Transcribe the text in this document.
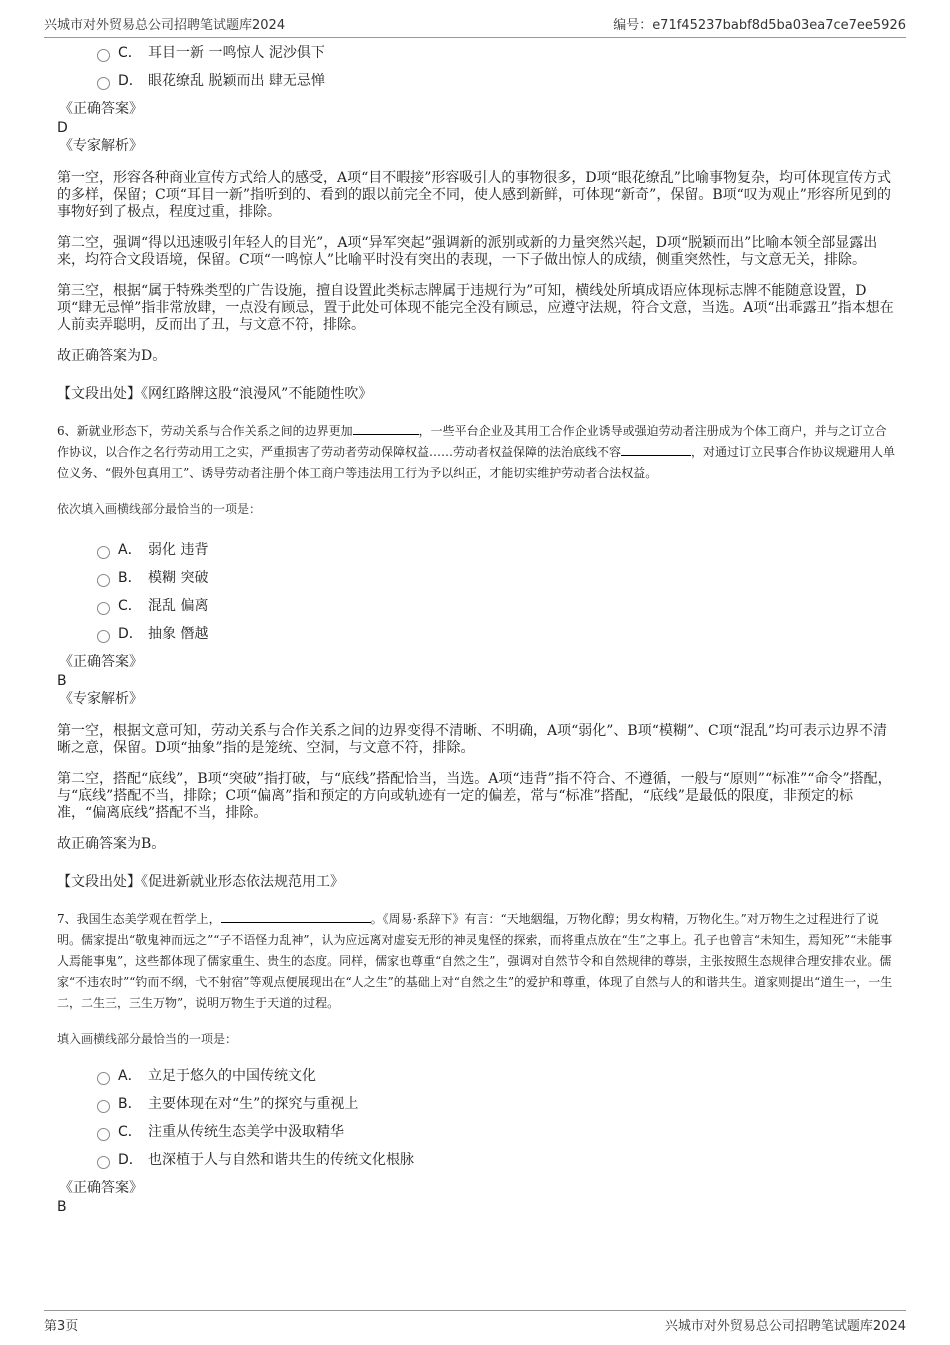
兴城市对外贸易总公司招聘笔试题库2024	编号：e71f45237babf8d5ba03ea7ce7ee5926
C． 耳目一新 一鸣惊人 泥沙俱下
D． 眼花缭乱 脱颖而出 肆无忌惮
《正确答案》
D
《专家解析》
第一空，形容各种商业宣传方式给人的感受，A项“目不暇接”形容吸引人的事物很多，D项“眼花缭乱”比喻事物复杂，均可体现宣传方式的多样，保留；C项“耳目一新”指听到的、看到的跟以前完全不同，使人感到新鲜，可体现“新奇”，保留。B项“叹为观止”形容所见到的事物好到了极点，程度过重，排除。
第二空，强调“得以迅速吸引年轻人的目光”，A项“异军突起”强调新的派别或新的力量突然兴起，D项“脱颖而出”比喻本领全部显露出来，均符合文段语境，保留。C项“一鸣惊人”比喻平时没有突出的表现，一下子做出惊人的成绩，侧重突然性，与文意无关，排除。
第三空，根据“属于特殊类型的广告设施，擅自设置此类标志牌属于违规行为”可知，横线处所填成语应体现标志牌不能随意设置，D项“肆无忌惮”指非常放肆，一点没有顾忌，置于此处可体现不能完全没有顾忌，应遵守法规，符合文意，当选。A项“出乖露丑”指本想在人前卖弄聪明，反而出了丑，与文意不符，排除。
故正确答案为D。
【文段出处】《网红路牌这股“浪漫风”不能随性吹》

6、新就业形态下，劳动关系与合作关系之间的边界更加	，一些平台企业及其用工合作企业诱导或强迫劳动者注册成为个体工商户，并与之订立合作协议，以合作之名行劳动用工之实，严重损害了劳动者劳动保障权益……劳动者权益保障的法治底线不容	，对通过订立民事合作协议规避用人单位义务、“假外包真用工”、诱导劳动者注册个体工商户等违法用工行为予以纠正，才能切实维护劳动者合法权益。

依次填入画横线部分最恰当的一项是：
A． 弱化 违背
B． 模糊 突破
C． 混乱 偏离
D． 抽象 僭越
《正确答案》
B
《专家解析》
第一空，根据文意可知，劳动关系与合作关系之间的边界变得不清晰、不明确，A项“弱化”、B项“模糊”、C项“混乱”均可表示边界不清晰之意，保留。D项“抽象”指的是笼统、空洞，与文意不符，排除。
第二空，搭配“底线”，B项“突破”指打破，与“底线”搭配恰当，当选。A项“违背”指不符合、不遵循，一般与“原则”“标准”“命令”搭配，与“底线”搭配不当，排除；C项“偏离”指和预定的方向或轨迹有一定的偏差，常与“标准”搭配，“底线”是最低的限度，非预定的标准，“偏离底线”搭配不当，排除。
故正确答案为B。
【文段出处】《促进新就业形态依法规范用工》

7、我国生态美学观在哲学上，	。《周易·系辞下》有言：“天地絪缊，万物化醇；男女构精，万物化生。”对万物生之过程进行了说明。儒家提出“敬鬼神而远之”“子不语怪力乱神”，认为应远离对虚妄无形的神灵鬼怪的探索，而将重点放在“生”之事上。孔子也曾言“未知生，焉知死”“未能事人焉能事鬼”，这些都体现了儒家重生、贵生的态度。同样，儒家也尊重“自然之生”，强调对自然节令和自然规律的尊崇，主张按照生态规律合理安排农业。儒家“不违农时”“钓而不纲，弋不射宿”等观点便展现出在“人之生”的基础上对“自然之生”的爱护和尊重，体现了自然与人的和谐共生。道家则提出“道生一，一生二，二生三，三生万物”，说明万物生于天道的过程。

填入画横线部分最恰当的一项是：
A． 立足于悠久的中国传统文化
B． 主要体现在对“生”的探究与重视上
C． 注重从传统生态美学中汲取精华
D． 也深植于人与自然和谐共生的传统文化根脉
《正确答案》
B
第3页	兴城市对外贸易总公司招聘笔试题库2024
